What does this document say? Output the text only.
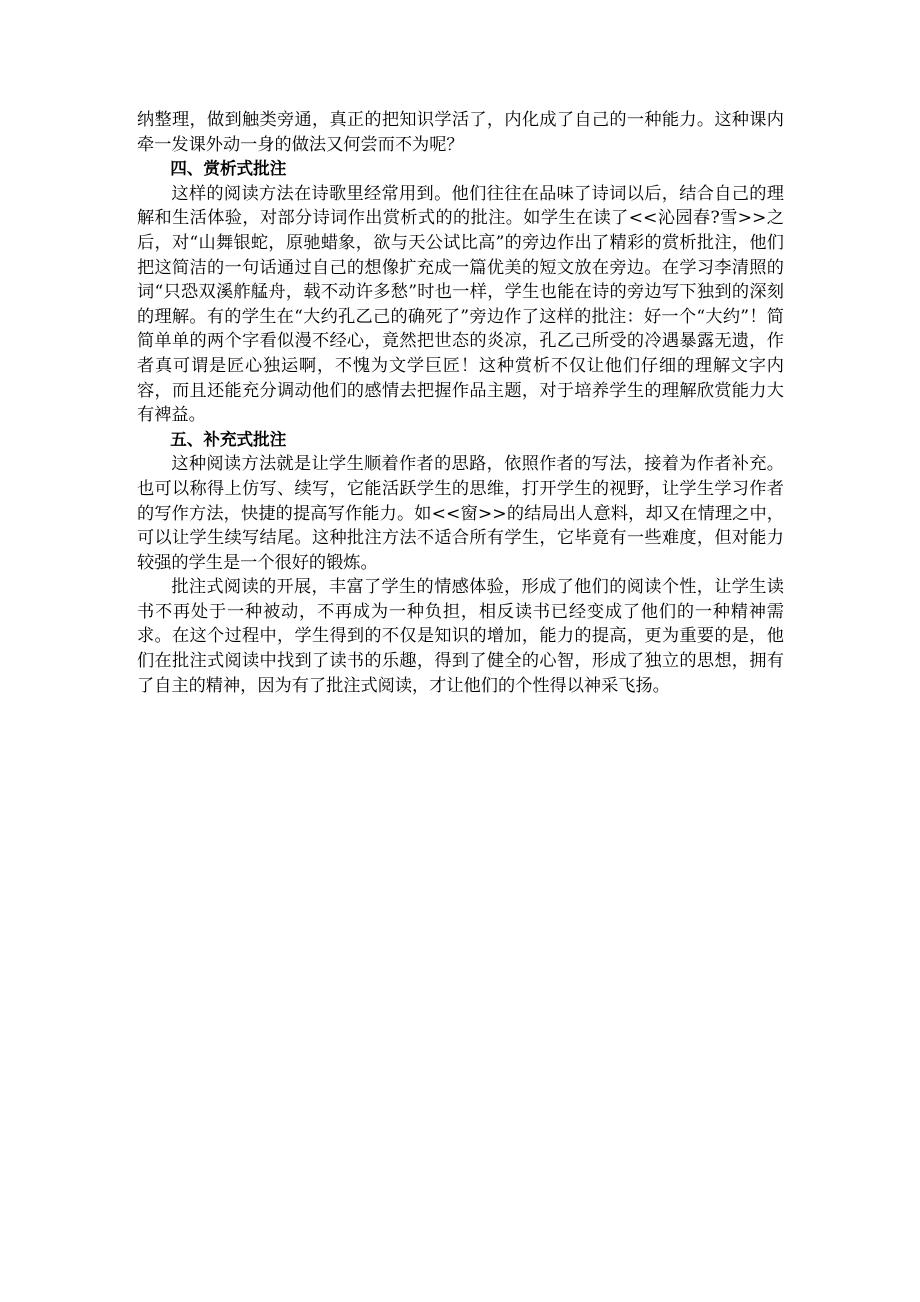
纳整理，做到触类旁通，真正的把知识学活了，内化成了自己的一种能力。这种课内牵一发课外动一身的做法又何尝而不为呢？

四、赏析式批注

这样的阅读方法在诗歌里经常用到。他们往往在品味了诗词以后，结合自己的理解和生活体验，对部分诗词作出赏析式的的批注。如学生在读了<<沁园春?雪>>之后，对“山舞银蛇，原驰蜡象，欲与天公试比高”的旁边作出了精彩的赏析批注，他们把这简洁的一句话通过自己的想像扩充成一篇优美的短文放在旁边。在学习李清照的词“只恐双溪舴艋舟，载不动许多愁”时也一样，学生也能在诗的旁边写下独到的深刻的理解。有的学生在“大约孔乙己的确死了”旁边作了这样的批注：好一个“大约”！简简单单的两个字看似漫不经心，竟然把世态的炎凉，孔乙己所受的冷遇暴露无遗，作者真可谓是匠心独运啊，不愧为文学巨匠！这种赏析不仅让他们仔细的理解文字内容，而且还能充分调动他们的感情去把握作品主题，对于培养学生的理解欣赏能力大有裨益。

五、补充式批注

这种阅读方法就是让学生顺着作者的思路，依照作者的写法，接着为作者补充。也可以称得上仿写、续写，它能活跃学生的思维，打开学生的视野，让学生学习作者的写作方法，快捷的提高写作能力。如<<窗>>的结局出人意料，却又在情理之中，可以让学生续写结尾。这种批注方法不适合所有学生，它毕竟有一些难度，但对能力较强的学生是一个很好的锻炼。

批注式阅读的开展，丰富了学生的情感体验，形成了他们的阅读个性，让学生读书不再处于一种被动，不再成为一种负担，相反读书已经变成了他们的一种精神需求。在这个过程中，学生得到的不仅是知识的增加，能力的提高，更为重要的是，他们在批注式阅读中找到了读书的乐趣，得到了健全的心智，形成了独立的思想，拥有了自主的精神，因为有了批注式阅读，才让他们的个性得以神采飞扬。
